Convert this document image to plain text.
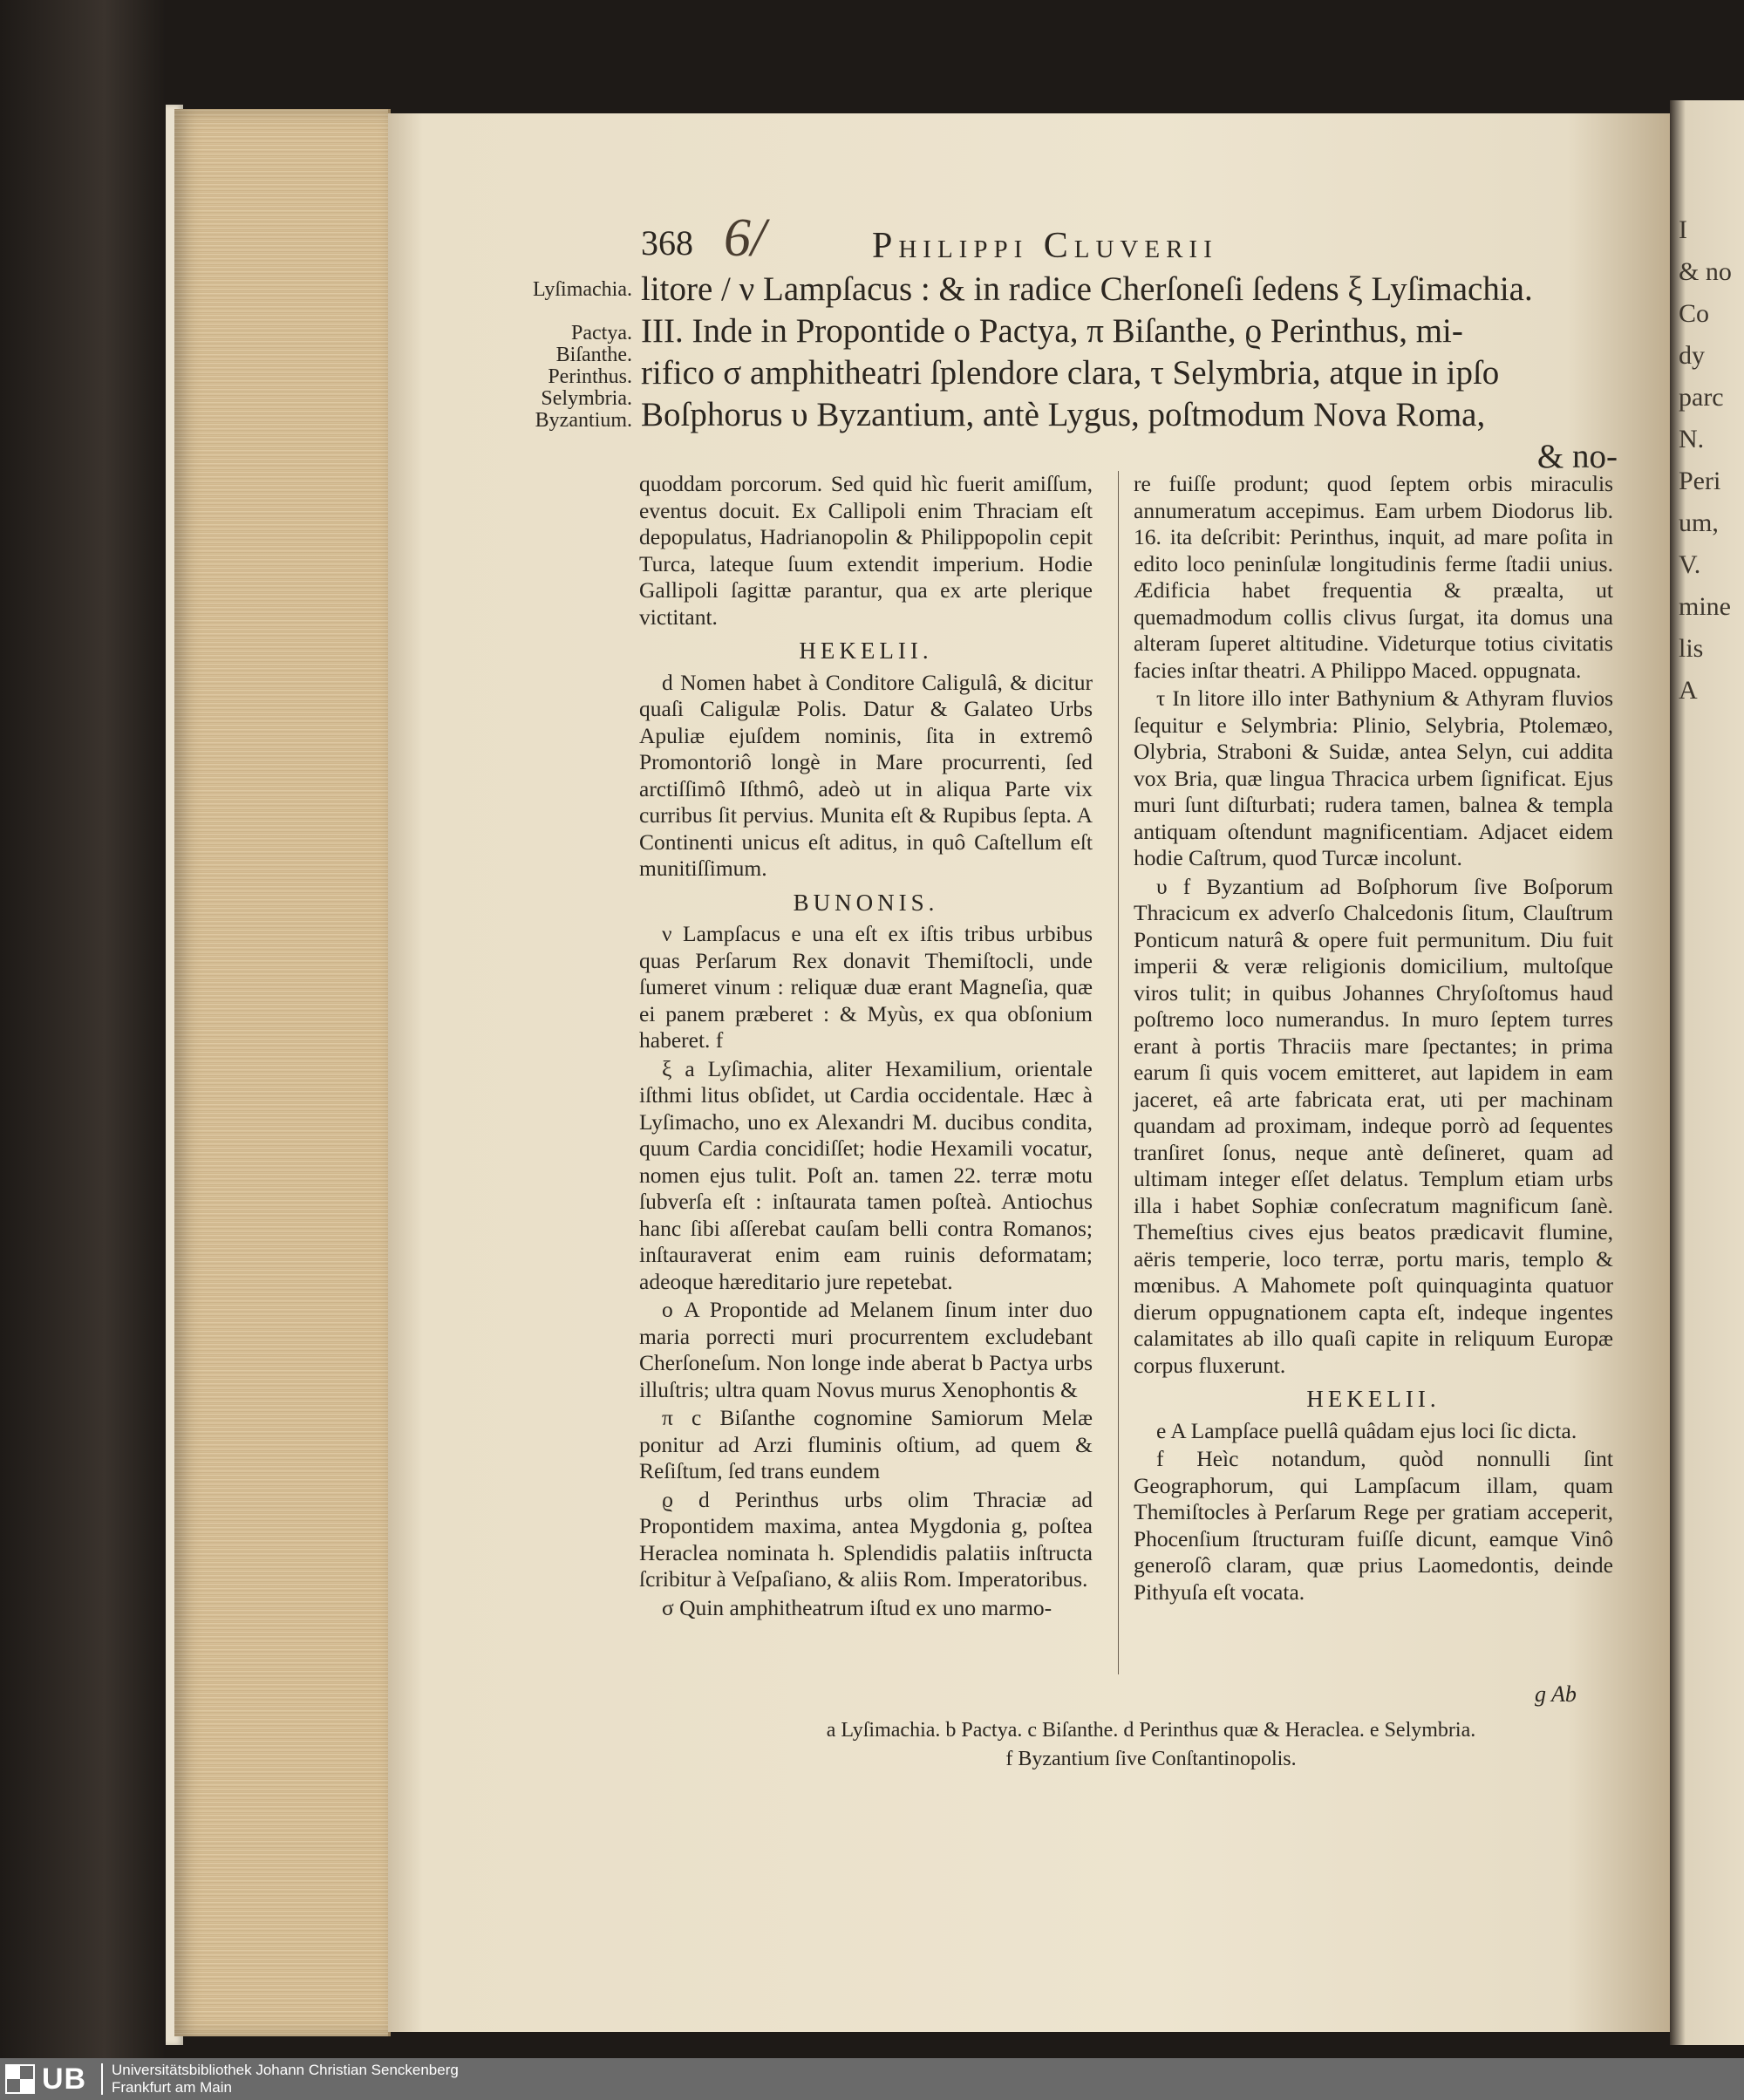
I
& no
Co
dy
parc
N.
Peri
um,
V.
mine
lis
A
368 6/	Philippi Cluverii
Lyſimachia.

Pactya.
Biſanthe.
Perinthus.
Selymbria.
Byzantium.
litore / ν Lampſacus : & in radice Cherſoneſi ſedens ξ Lyſimachia.
III. Inde in Propontide ο Pactya, π Biſanthe, ϱ Perinthus, mi-
rifico σ amphitheatri ſplendore clara, τ Selymbria, atque in ipſo
Boſphorus υ Byzantium, antè Lygus, poſtmodum Nova Roma,
& no-

quoddam porcorum. Sed quid hìc fuerit amiſſum, eventus docuit. Ex Callipoli enim Thraciam eſt depopulatus, Hadrianopolin & Philippopolin cepit Turca, lateque ſuum extendit imperium. Hodie Gallipoli ſagittæ parantur, qua ex arte plerique victitant.

HEKELII.

d Nomen habet à Conditore Caligulâ, & dicitur quaſi Caligulæ Polis. Datur & Galateo Urbs Apuliæ ejuſdem nominis, ſita in extremô Promontoriô longè in Mare procurrenti, ſed arctiſſimô Iſthmô, adeò ut in aliqua Parte vix curribus ſit pervius. Munita eſt & Rupibus ſepta. A Continenti unicus eſt aditus, in quô Caſtellum eſt munitiſſimum.

BUNONIS.

ν Lampſacus e una eſt ex iſtis tribus urbibus quas Perſarum Rex donavit Themiſtocli, unde ſumeret vinum : reliquæ duæ erant Magneſia, quæ ei panem præberet : & Myùs, ex qua obſonium haberet. f

ξ a Lyſimachia, aliter Hexamilium, orientale iſthmi litus obſidet, ut Cardia occidentale. Hæc à Lyſimacho, uno ex Alexandri M. ducibus condita, quum Cardia concidiſſet; hodie Hexamili vocatur, nomen ejus tulit. Poſt an. tamen 22. terræ motu ſubverſa eſt : inſtaurata tamen poſteà. Antiochus hanc ſibi aſſerebat cauſam belli contra Romanos; inſtauraverat enim eam ruinis deformatam; adeoque hæreditario jure repetebat.

ο A Propontide ad Melanem ſinum inter duo maria porrecti muri procurrentem excludebant Cherſoneſum. Non longe inde aberat b Pactya urbs illuſtris; ultra quam Novus murus Xenophontis &

π c Biſanthe cognomine Samiorum Melæ ponitur ad Arzi fluminis oſtium, ad quem & Reſiſtum, ſed trans eundem

ϱ d Perinthus urbs olim Thraciæ ad Propontidem maxima, antea Mygdonia g, poſtea Heraclea nominata h. Splendidis palatiis inſtructa ſcribitur à Veſpaſiano, & aliis Rom. Imperatoribus.

σ Quin amphitheatrum iſtud ex uno marmo-

re fuiſſe produnt; quod ſeptem orbis miraculis annumeratum accepimus. Eam urbem Diodorus lib. 16. ita deſcribit: Perinthus, inquit, ad mare poſita in edito loco peninſulæ longitudinis ferme ſtadii unius. Ædificia habet frequentia & præalta, ut quemadmodum collis clivus ſurgat, ita domus una alteram ſuperet altitudine. Videturque totius civitatis facies inſtar theatri. A Philippo Maced. oppugnata.

τ In litore illo inter Bathynium & Athyram fluvios ſequitur e Selymbria: Plinio, Selybria, Ptolemæo, Olybria, Straboni & Suidæ, antea Selyn, cui addita vox Bria, quæ lingua Thracica urbem ſignificat. Ejus muri ſunt diſturbati; rudera tamen, balnea & templa antiquam oſtendunt magnificentiam. Adjacet eidem hodie Caſtrum, quod Turcæ incolunt.

υ f Byzantium ad Boſphorum ſive Boſporum Thracicum ex adverſo Chalcedonis ſitum, Clauſtrum Ponticum naturâ & opere fuit permunitum. Diu fuit imperii & veræ religionis domicilium, multoſque viros tulit; in quibus Johannes Chryſoſtomus haud poſtremo loco numerandus. In muro ſeptem turres erant à portis Thraciis mare ſpectantes; in prima earum ſi quis vocem emitteret, aut lapidem in eam jaceret, eâ arte fabricata erat, uti per machinam quandam ad proximam, indeque porrò ad ſequentes tranſiret ſonus, neque antè deſineret, quam ad ultimam integer eſſet delatus. Templum etiam urbs illa i habet Sophiæ conſecratum magnificum ſanè. Themeſtius cives ejus beatos prædicavit flumine, aëris temperie, loco terræ, portu maris, templo & mœnibus. A Mahomete poſt quinquaginta quatuor dierum oppugnationem capta eſt, indeque ingentes calamitates ab illo quaſi capite in reliquum Europæ corpus fluxerunt.

HEKELII.

e A Lampſace puellâ quâdam ejus loci ſic dicta.

f Heìc notandum, quòd nonnulli ſint Geographorum, qui Lampſacum illam, quam Themiſtocles à Perſarum Rege per gratiam acceperit, Phocenſium ſtructuram fuiſſe dicunt, eamque Vinô generoſô claram, quæ prius Laomedontis, deinde Pithyuſa eſt vocata.

g Ab
a Lyſimachia. b Pactya. c Biſanthe. d Perinthus quæ & Heraclea. e Selymbria.
f Byzantium ſive Conſtantinopolis.
UB Universitätsbibliothek Johann Christian Senckenberg
Frankfurt am Main
